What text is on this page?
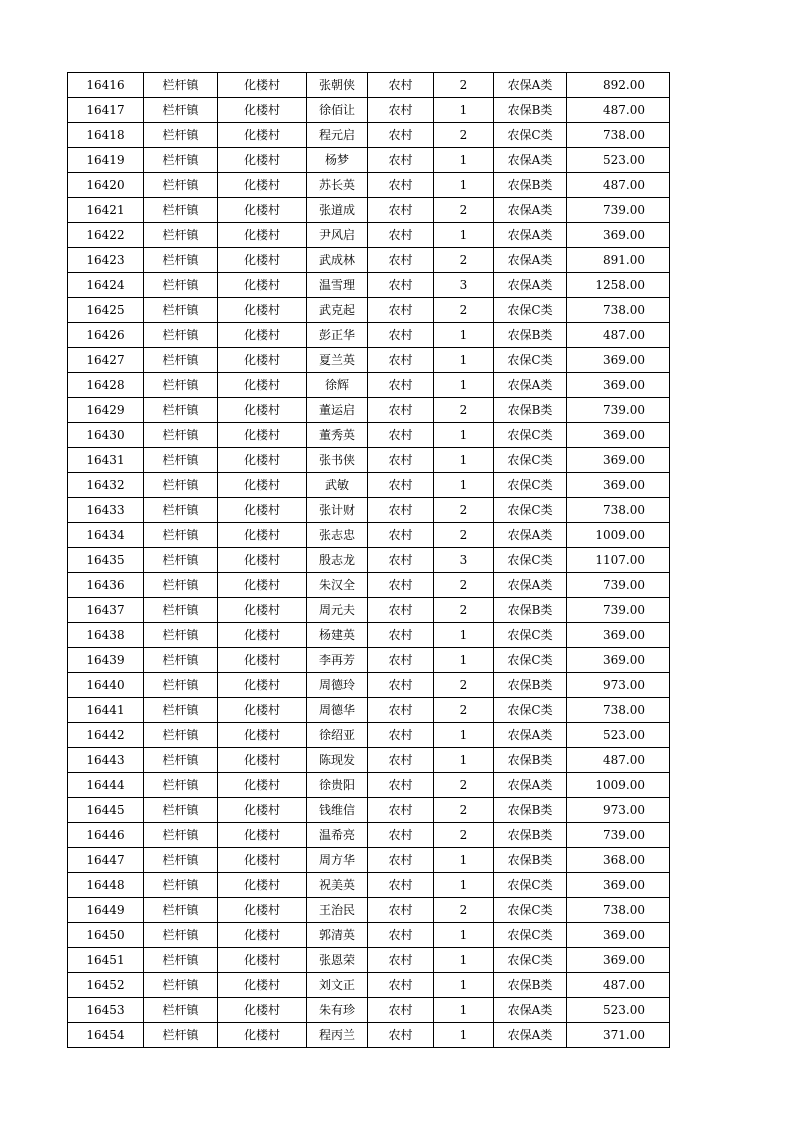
16416	栏杆镇	化楼村	张朝侠	农村	2	农保A类	892.00
16417	栏杆镇	化楼村	徐佰让	农村	1	农保B类	487.00
16418	栏杆镇	化楼村	程元启	农村	2	农保C类	738.00
16419	栏杆镇	化楼村	杨梦	农村	1	农保A类	523.00
16420	栏杆镇	化楼村	苏长英	农村	1	农保B类	487.00
16421	栏杆镇	化楼村	张道成	农村	2	农保A类	739.00
16422	栏杆镇	化楼村	尹风启	农村	1	农保A类	369.00
16423	栏杆镇	化楼村	武成林	农村	2	农保A类	891.00
16424	栏杆镇	化楼村	温雪理	农村	3	农保A类	1258.00
16425	栏杆镇	化楼村	武克起	农村	2	农保C类	738.00
16426	栏杆镇	化楼村	彭正华	农村	1	农保B类	487.00
16427	栏杆镇	化楼村	夏兰英	农村	1	农保C类	369.00
16428	栏杆镇	化楼村	徐辉	农村	1	农保A类	369.00
16429	栏杆镇	化楼村	董运启	农村	2	农保B类	739.00
16430	栏杆镇	化楼村	董秀英	农村	1	农保C类	369.00
16431	栏杆镇	化楼村	张书侠	农村	1	农保C类	369.00
16432	栏杆镇	化楼村	武敏	农村	1	农保C类	369.00
16433	栏杆镇	化楼村	张计财	农村	2	农保C类	738.00
16434	栏杆镇	化楼村	张志忠	农村	2	农保A类	1009.00
16435	栏杆镇	化楼村	殷志龙	农村	3	农保C类	1107.00
16436	栏杆镇	化楼村	朱汉全	农村	2	农保A类	739.00
16437	栏杆镇	化楼村	周元夫	农村	2	农保B类	739.00
16438	栏杆镇	化楼村	杨建英	农村	1	农保C类	369.00
16439	栏杆镇	化楼村	李再芳	农村	1	农保C类	369.00
16440	栏杆镇	化楼村	周德玲	农村	2	农保B类	973.00
16441	栏杆镇	化楼村	周德华	农村	2	农保C类	738.00
16442	栏杆镇	化楼村	徐绍亚	农村	1	农保A类	523.00
16443	栏杆镇	化楼村	陈现发	农村	1	农保B类	487.00
16444	栏杆镇	化楼村	徐贵阳	农村	2	农保A类	1009.00
16445	栏杆镇	化楼村	钱维信	农村	2	农保B类	973.00
16446	栏杆镇	化楼村	温希亮	农村	2	农保B类	739.00
16447	栏杆镇	化楼村	周方华	农村	1	农保B类	368.00
16448	栏杆镇	化楼村	祝美英	农村	1	农保C类	369.00
16449	栏杆镇	化楼村	王治民	农村	2	农保C类	738.00
16450	栏杆镇	化楼村	郭清英	农村	1	农保C类	369.00
16451	栏杆镇	化楼村	张恩荣	农村	1	农保C类	369.00
16452	栏杆镇	化楼村	刘文正	农村	1	农保B类	487.00
16453	栏杆镇	化楼村	朱有珍	农村	1	农保A类	523.00
16454	栏杆镇	化楼村	程丙兰	农村	1	农保A类	371.00
